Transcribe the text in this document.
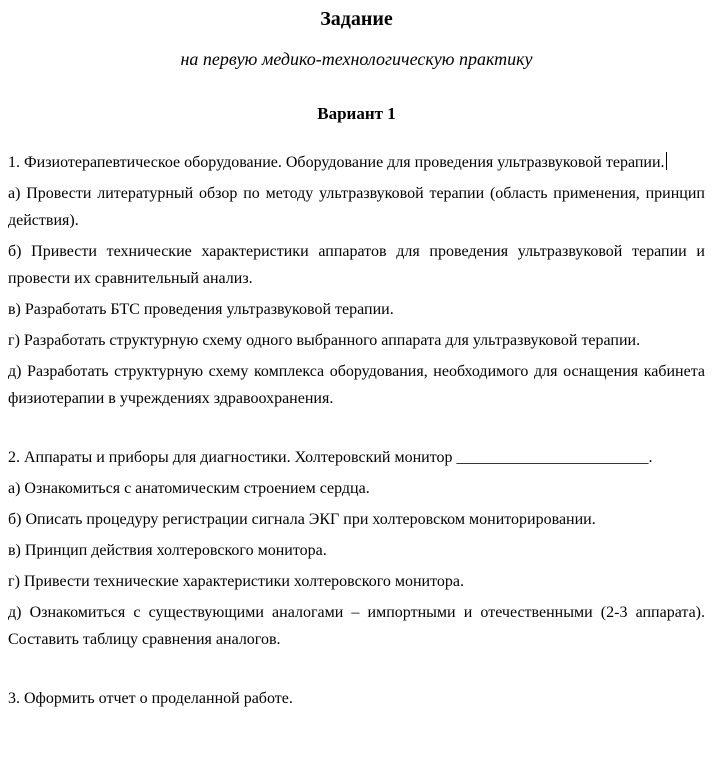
Задание

на первую медико-технологическую практику

Вариант 1

1. Физиотерапевтическое оборудование. Оборудование для проведения ультразвуковой терапии.

а) Провести литературный обзор по методу ультразвуковой терапии (область применения, принцип действия).

б) Привести технические характеристики аппаратов для проведения ультразвуковой терапии и провести их сравнительный анализ.

в) Разработать БТС проведения ультразвуковой терапии.

г) Разработать структурную схему одного выбранного аппарата для ультразвуковой терапии.

д) Разработать структурную схему комплекса оборудования, необходимого для оснащения кабинета физиотерапии в учреждениях здравоохранения.

2. Аппараты и приборы для диагностики. Холтеровский монитор ________________________.

а) Ознакомиться с анатомическим строением сердца.

б) Описать процедуру регистрации сигнала ЭКГ при холтеровском мониторировании.

в) Принцип действия холтеровского монитора.

г) Привести технические характеристики холтеровского монитора.

д) Ознакомиться с существующими аналогами – импортными и отечественными (2-3 аппарата). Составить таблицу сравнения аналогов.

3. Оформить отчет о проделанной работе.
